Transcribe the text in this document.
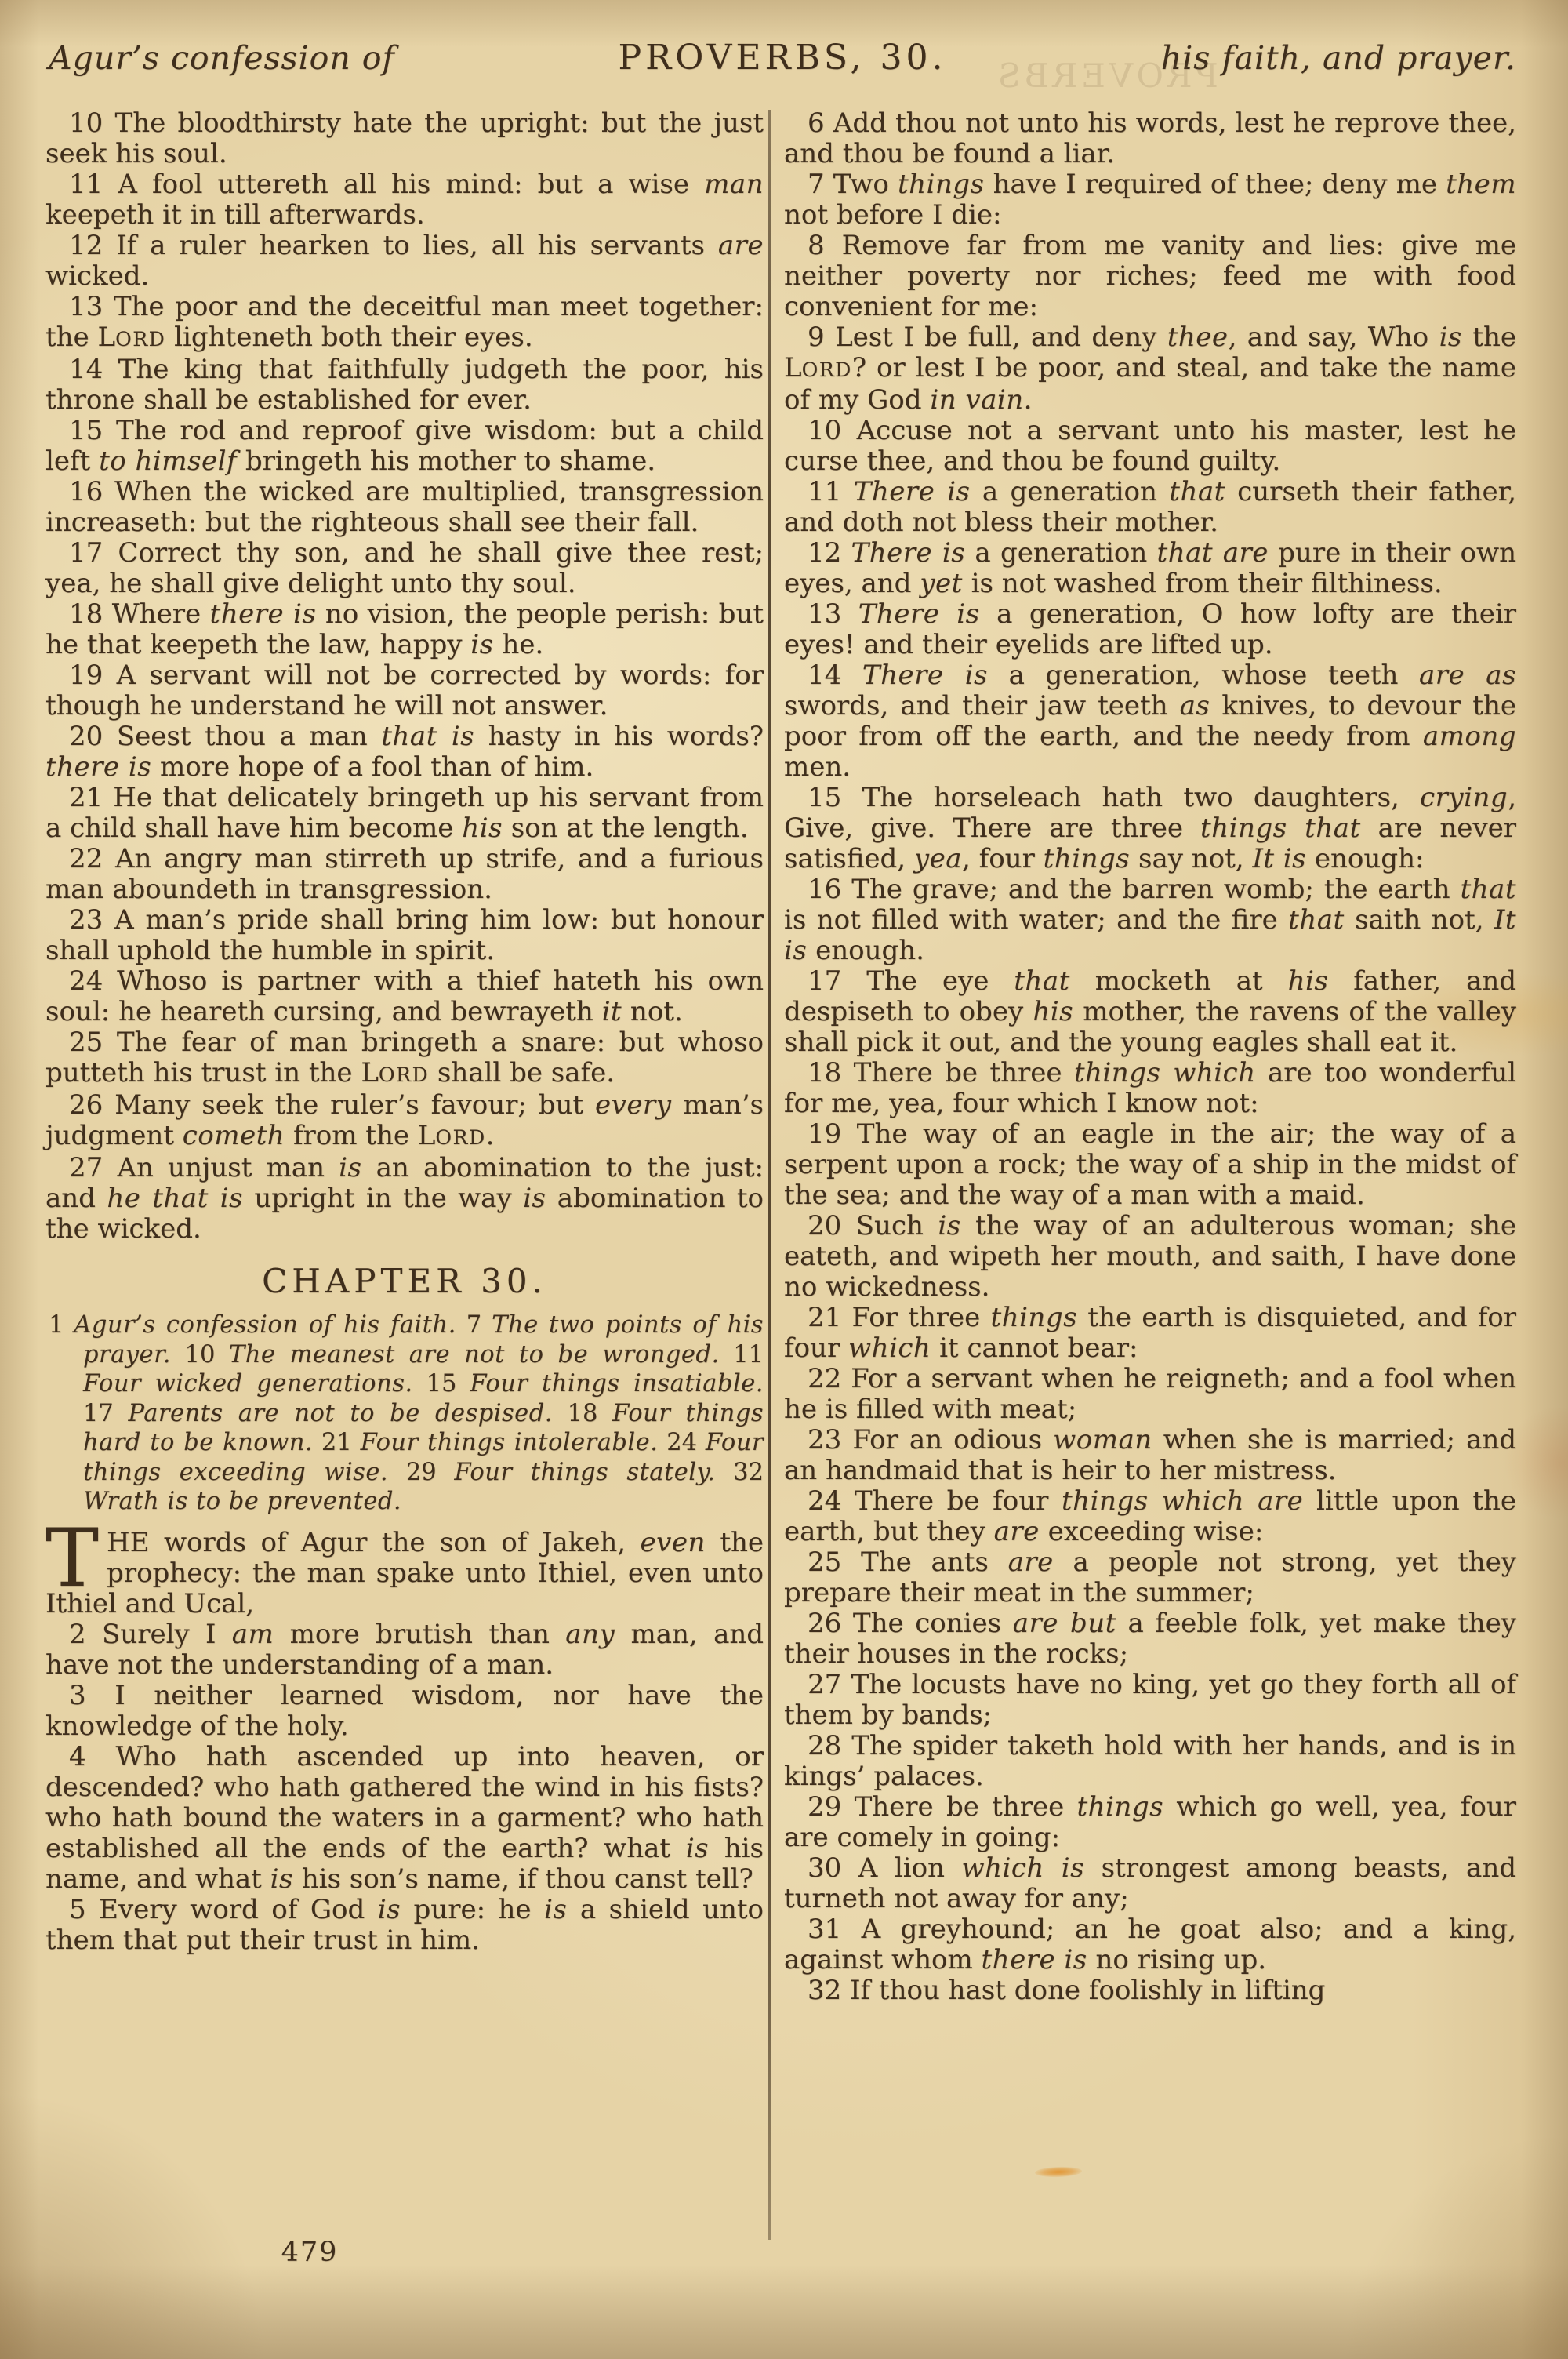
Agur’s confession of	PROVERBS, 30.	his faith, and prayer.
PROVERBS

10 The bloodthirsty hate the upright: but the just seek his soul.

11 A fool uttereth all his mind: but a wise man keepeth it in till afterwards.

12 If a ruler hearken to lies, all his servants are wicked.

13 The poor and the deceitful man meet together: the LORD lighteneth both their eyes.

14 The king that faithfully judgeth the poor, his throne shall be established for ever.

15 The rod and reproof give wisdom: but a child left to himself bringeth his mother to shame.

16 When the wicked are multiplied, transgression increaseth: but the righteous shall see their fall.

17 Correct thy son, and he shall give thee rest; yea, he shall give delight unto thy soul.

18 Where there is no vision, the people perish: but he that keepeth the law, happy is he.

19 A servant will not be corrected by words: for though he understand he will not answer.

20 Seest thou a man that is hasty in his words? there is more hope of a fool than of him.

21 He that delicately bringeth up his servant from a child shall have him become his son at the length.

22 An angry man stirreth up strife, and a furious man aboundeth in transgression.

23 A man’s pride shall bring him low: but honour shall uphold the humble in spirit.

24 Whoso is partner with a thief hateth his own soul: he heareth cursing, and bewrayeth it not.

25 The fear of man bringeth a snare: but whoso putteth his trust in the LORD shall be safe.

26 Many seek the ruler’s favour; but every man’s judgment cometh from the LORD.

27 An unjust man is an abomination to the just: and he that is upright in the way is abomination to the wicked.

CHAPTER 30.

1 Agur’s confession of his faith. 7 The two points of his prayer. 10 The meanest are not to be wronged. 11 Four wicked generations. 15 Four things insatiable. 17 Parents are not to be despised. 18 Four things hard to be known. 21 Four things intolerable. 24 Four things exceeding wise. 29 Four things stately. 32 Wrath is to be prevented.

THE words of Agur the son of Jakeh, even the prophecy: the man spake unto Ithiel, even unto Ithiel and Ucal,

2 Surely I am more brutish than any man, and have not the understanding of a man.

3 I neither learned wisdom, nor have the knowledge of the holy.

4 Who hath ascended up into heaven, or descended? who hath gathered the wind in his fists? who hath bound the waters in a garment? who hath established all the ends of the earth? what is his name, and what is his son’s name, if thou canst tell?

5 Every word of God is pure: he is a shield unto them that put their trust in him.

6 Add thou not unto his words, lest he reprove thee, and thou be found a liar.

7 Two things have I required of thee; deny me them not before I die:

8 Remove far from me vanity and lies: give me neither poverty nor riches; feed me with food convenient for me:

9 Lest I be full, and deny thee, and say, Who is the LORD? or lest I be poor, and steal, and take the name of my God in vain.

10 Accuse not a servant unto his master, lest he curse thee, and thou be found guilty.

11 There is a generation that curseth their father, and doth not bless their mother.

12 There is a generation that are pure in their own eyes, and yet is not washed from their filthiness.

13 There is a generation, O how lofty are their eyes! and their eyelids are lifted up.

14 There is a generation, whose teeth are as swords, and their jaw teeth as knives, to devour the poor from off the earth, and the needy from among men.

15 The horseleach hath two daughters, crying, Give, give. There are three things that are never satisfied, yea, four things say not, It is enough:

16 The grave; and the barren womb; the earth that is not filled with water; and the fire that saith not, It is enough.

17 The eye that mocketh at his father, and despiseth to obey his mother, the ravens of the valley shall pick it out, and the young eagles shall eat it.

18 There be three things which are too wonderful for me, yea, four which I know not:

19 The way of an eagle in the air; the way of a serpent upon a rock; the way of a ship in the midst of the sea; and the way of a man with a maid.

20 Such is the way of an adulterous woman; she eateth, and wipeth her mouth, and saith, I have done no wickedness.

21 For three things the earth is disquieted, and for four which it cannot bear:

22 For a servant when he reigneth; and a fool when he is filled with meat;

23 For an odious woman when she is married; and an handmaid that is heir to her mistress.

24 There be four things which are little upon the earth, but they are exceeding wise:

25 The ants are a people not strong, yet they prepare their meat in the summer;

26 The conies are but a feeble folk, yet make they their houses in the rocks;

27 The locusts have no king, yet go they forth all of them by bands;

28 The spider taketh hold with her hands, and is in kings’ palaces.

29 There be three things which go well, yea, four are comely in going:

30 A lion which is strongest among beasts, and turneth not away for any;

31 A greyhound; an he goat also; and a king, against whom there is no rising up.

32 If thou hast done foolishly in lifting

479
